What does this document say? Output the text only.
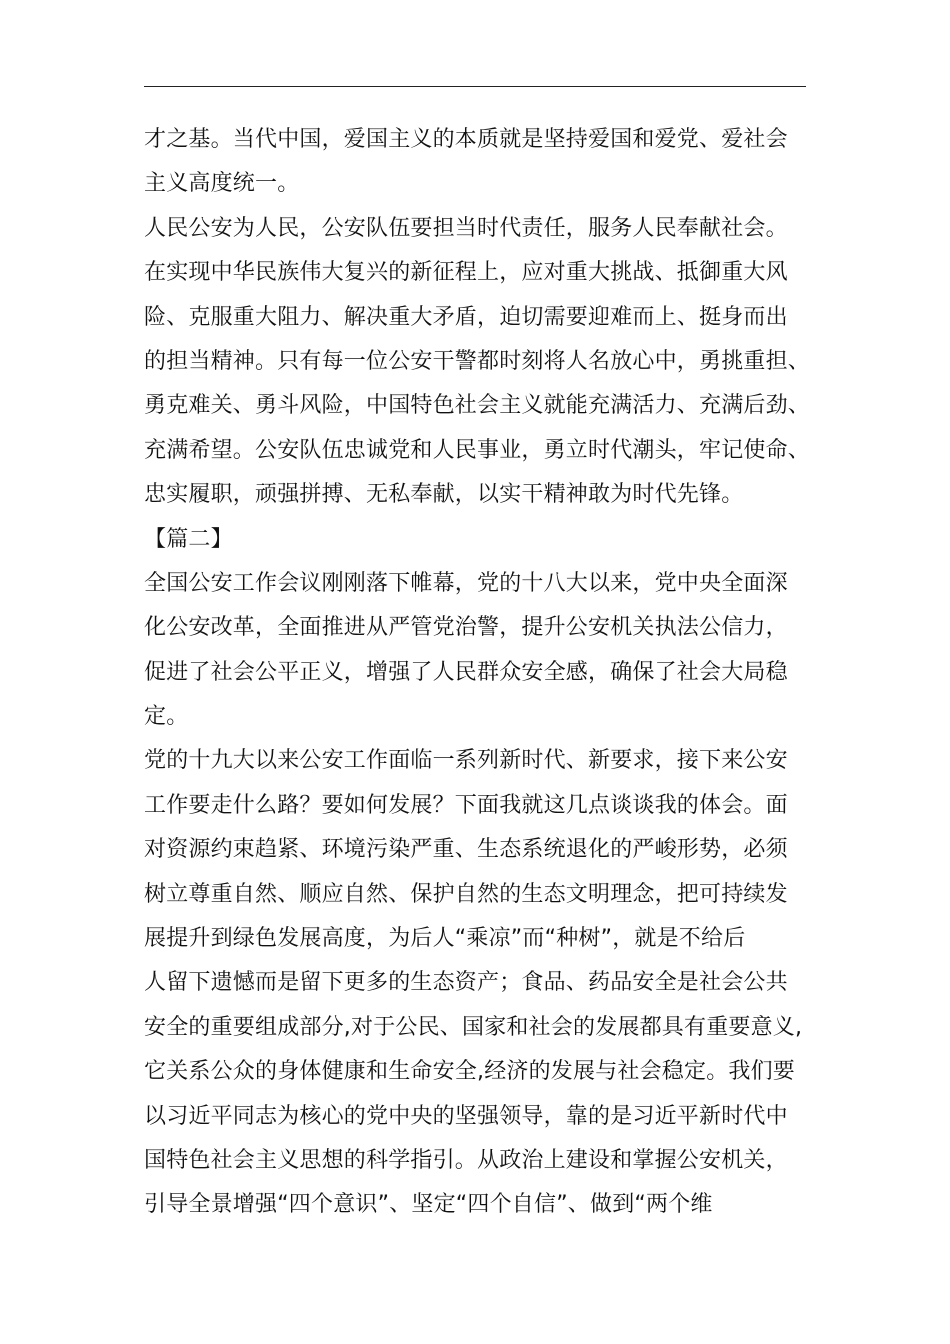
才之基。当代中国，爱国主义的本质就是坚持爱国和爱党、爱社会
主义高度统一。
人民公安为人民，公安队伍要担当时代责任，服务人民奉献社会。
在实现中华民族伟大复兴的新征程上，应对重大挑战、抵御重大风
险、克服重大阻力、解决重大矛盾，迫切需要迎难而上、挺身而出
的担当精神。只有每一位公安干警都时刻将人名放心中，勇挑重担、
勇克难关、勇斗风险，中国特色社会主义就能充满活力、充满后劲、
充满希望。公安队伍忠诚党和人民事业，勇立时代潮头，牢记使命、
忠实履职，顽强拼搏、无私奉献，以实干精神敢为时代先锋。
【篇二】
全国公安工作会议刚刚落下帷幕，党的十八大以来，党中央全面深
化公安改革，全面推进从严管党治警，提升公安机关执法公信力，
促进了社会公平正义，增强了人民群众安全感，确保了社会大局稳
定。
党的十九大以来公安工作面临一系列新时代、新要求，接下来公安
工作要走什么路？要如何发展？下面我就这几点谈谈我的体会。面
对资源约束趋紧、环境污染严重、生态系统退化的严峻形势，必须
树立尊重自然、顺应自然、保护自然的生态文明理念，把可持续发
展提升到绿色发展高度，为后人“乘凉”而“种树”，就是不给后
人留下遗憾而是留下更多的生态资产；食品、药品安全是社会公共
安全的重要组成部分,对于公民、国家和社会的发展都具有重要意义,
它关系公众的身体健康和生命安全,经济的发展与社会稳定。我们要
以习近平同志为核心的党中央的坚强领导，靠的是习近平新时代中
国特色社会主义思想的科学指引。从政治上建设和掌握公安机关，
引导全景增强“四个意识”、坚定“四个自信”、做到“两个维
